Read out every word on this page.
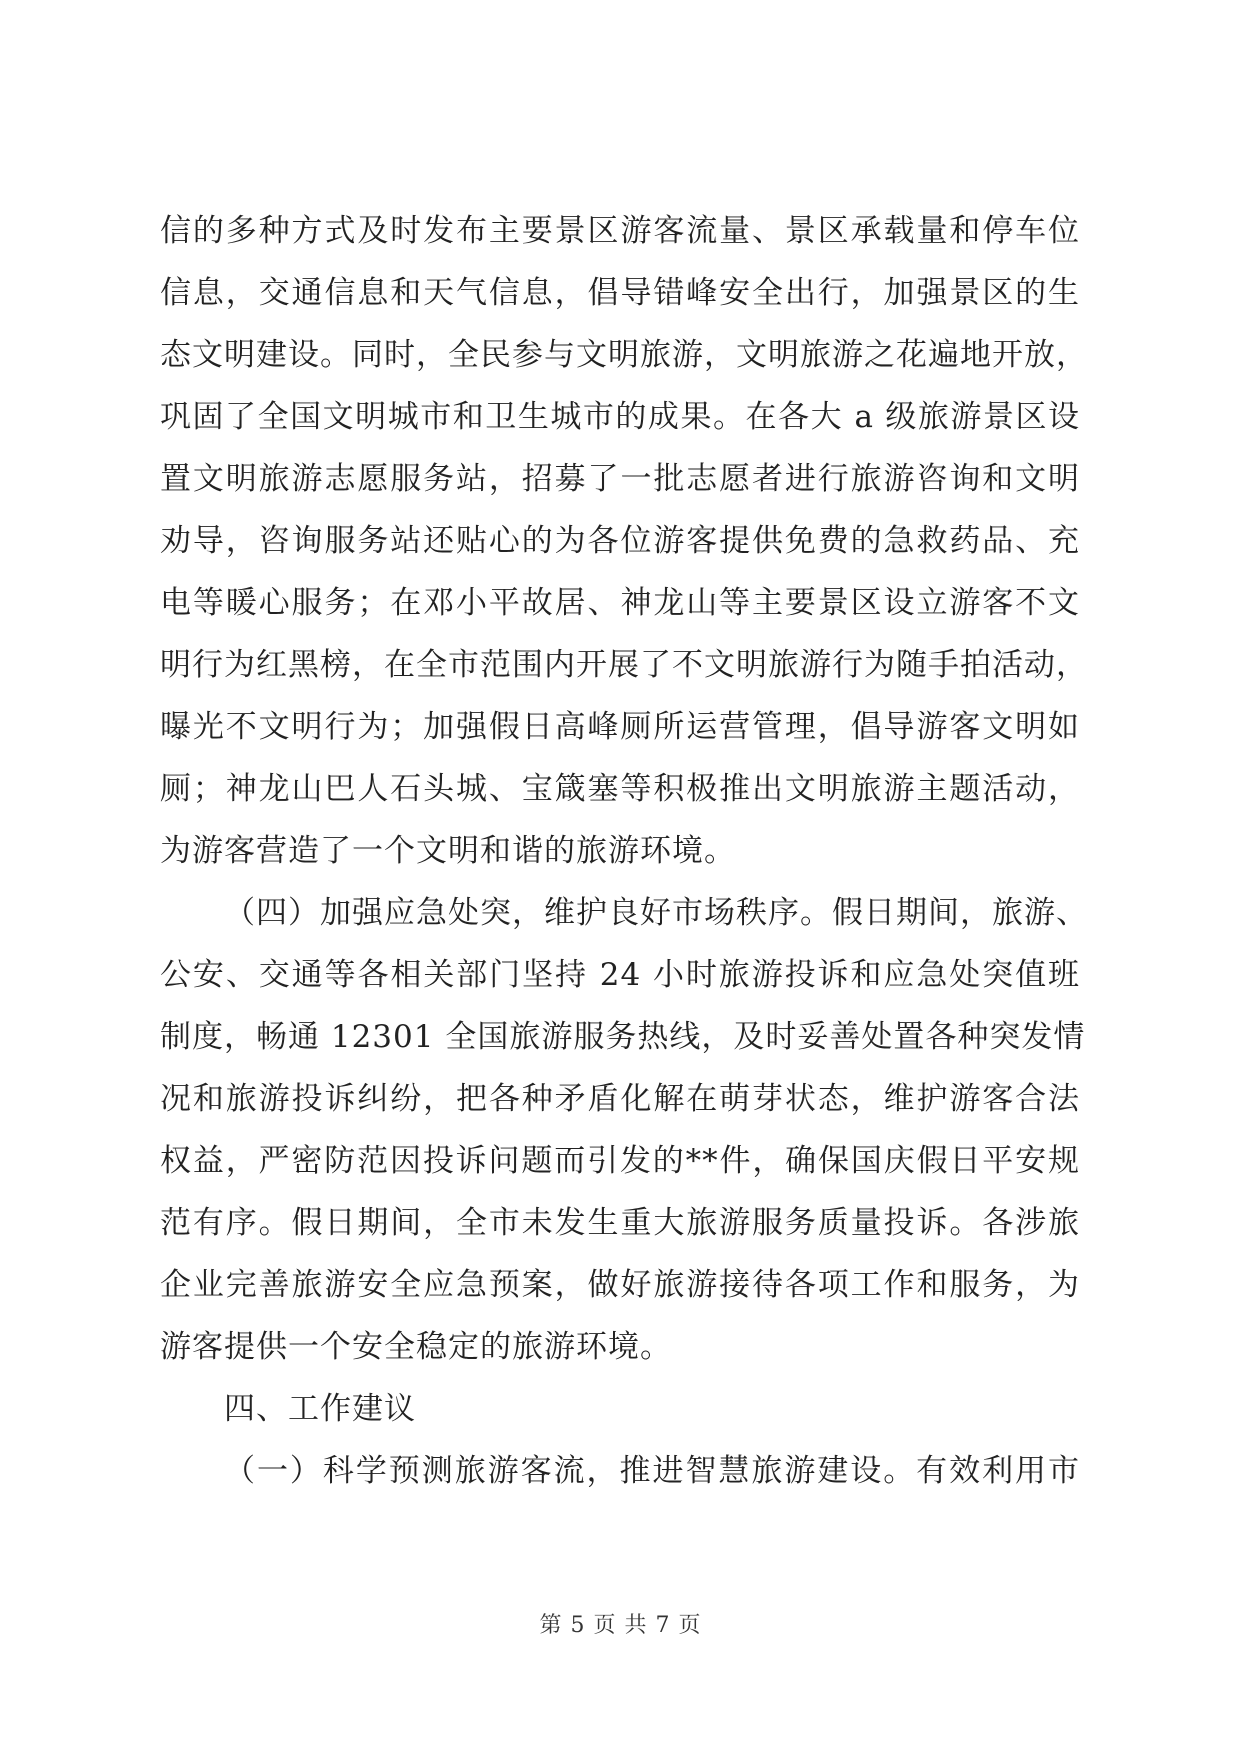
信的多种方式及时发布主要景区游客流量、景区承载量和停车位
信息，交通信息和天气信息，倡导错峰安全出行，加强景区的生
态文明建设。同时，全民参与文明旅游，文明旅游之花遍地开放，
巩固了全国文明城市和卫生城市的成果。在各大 a 级旅游景区设
置文明旅游志愿服务站，招募了一批志愿者进行旅游咨询和文明
劝导，咨询服务站还贴心的为各位游客提供免费的急救药品、充
电等暖心服务；在邓小平故居、神龙山等主要景区设立游客不文
明行为红黑榜，在全市范围内开展了不文明旅游行为随手拍活动，
曝光不文明行为；加强假日高峰厕所运营管理，倡导游客文明如
厕；神龙山巴人石头城、宝箴塞等积极推出文明旅游主题活动，
为游客营造了一个文明和谐的旅游环境。
（四）加强应急处突，维护良好市场秩序。假日期间，旅游、
公安、交通等各相关部门坚持 24 小时旅游投诉和应急处突值班
制度，畅通 12301 全国旅游服务热线，及时妥善处置各种突发情
况和旅游投诉纠纷，把各种矛盾化解在萌芽状态，维护游客合法
权益，严密防范因投诉问题而引发的**件，确保国庆假日平安规
范有序。假日期间，全市未发生重大旅游服务质量投诉。各涉旅
企业完善旅游安全应急预案，做好旅游接待各项工作和服务，为
游客提供一个安全稳定的旅游环境。
四、工作建议
（一）科学预测旅游客流，推进智慧旅游建设。有效利用市
第 5 页 共 7 页
